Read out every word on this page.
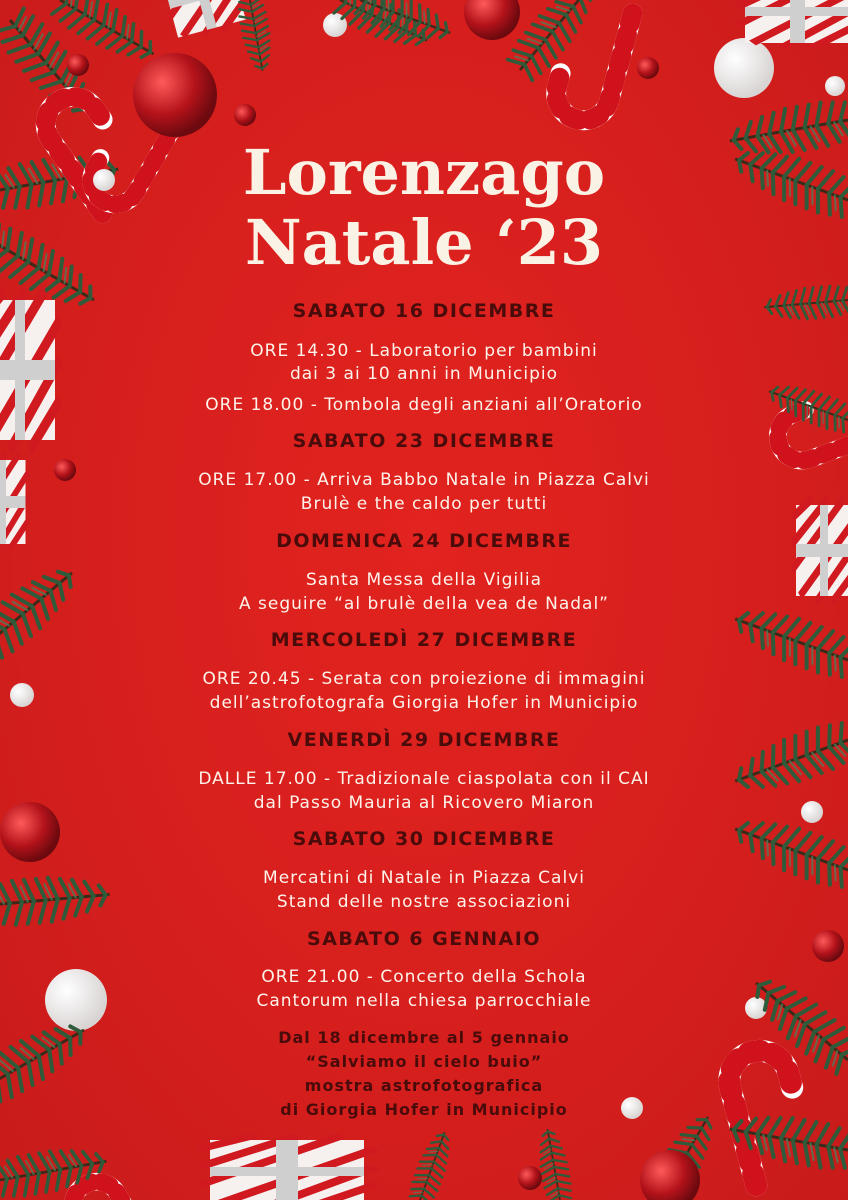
Lorenzago
Natale ‘23
SABATO 16 DICEMBRE
ORE 14.30 - Laboratorio per bambini
dai 3 ai 10 anni in Municipio
ORE 18.00 - Tombola degli anziani all’Oratorio
SABATO 23 DICEMBRE
ORE 17.00 - Arriva Babbo Natale in Piazza Calvi
Brulè e the caldo per tutti
DOMENICA 24 DICEMBRE
Santa Messa della Vigilia
A seguire “al brulè della vea de Nadal”
MERCOLEDÌ 27 DICEMBRE
ORE 20.45 - Serata con proiezione di immagini
dell’astrofotografa Giorgia Hofer in Municipio
VENERDÌ 29 DICEMBRE
DALLE 17.00 - Tradizionale ciaspolata con il CAI
dal Passo Mauria al Ricovero Miaron
SABATO 30 DICEMBRE
Mercatini di Natale in Piazza Calvi
Stand delle nostre associazioni
SABATO 6 GENNAIO
ORE 21.00 - Concerto della Schola
Cantorum nella chiesa parrocchiale
Dal 18 dicembre al 5 gennaio
“Salviamo il cielo buio”
mostra astrofotografica
di Giorgia Hofer in Municipio
